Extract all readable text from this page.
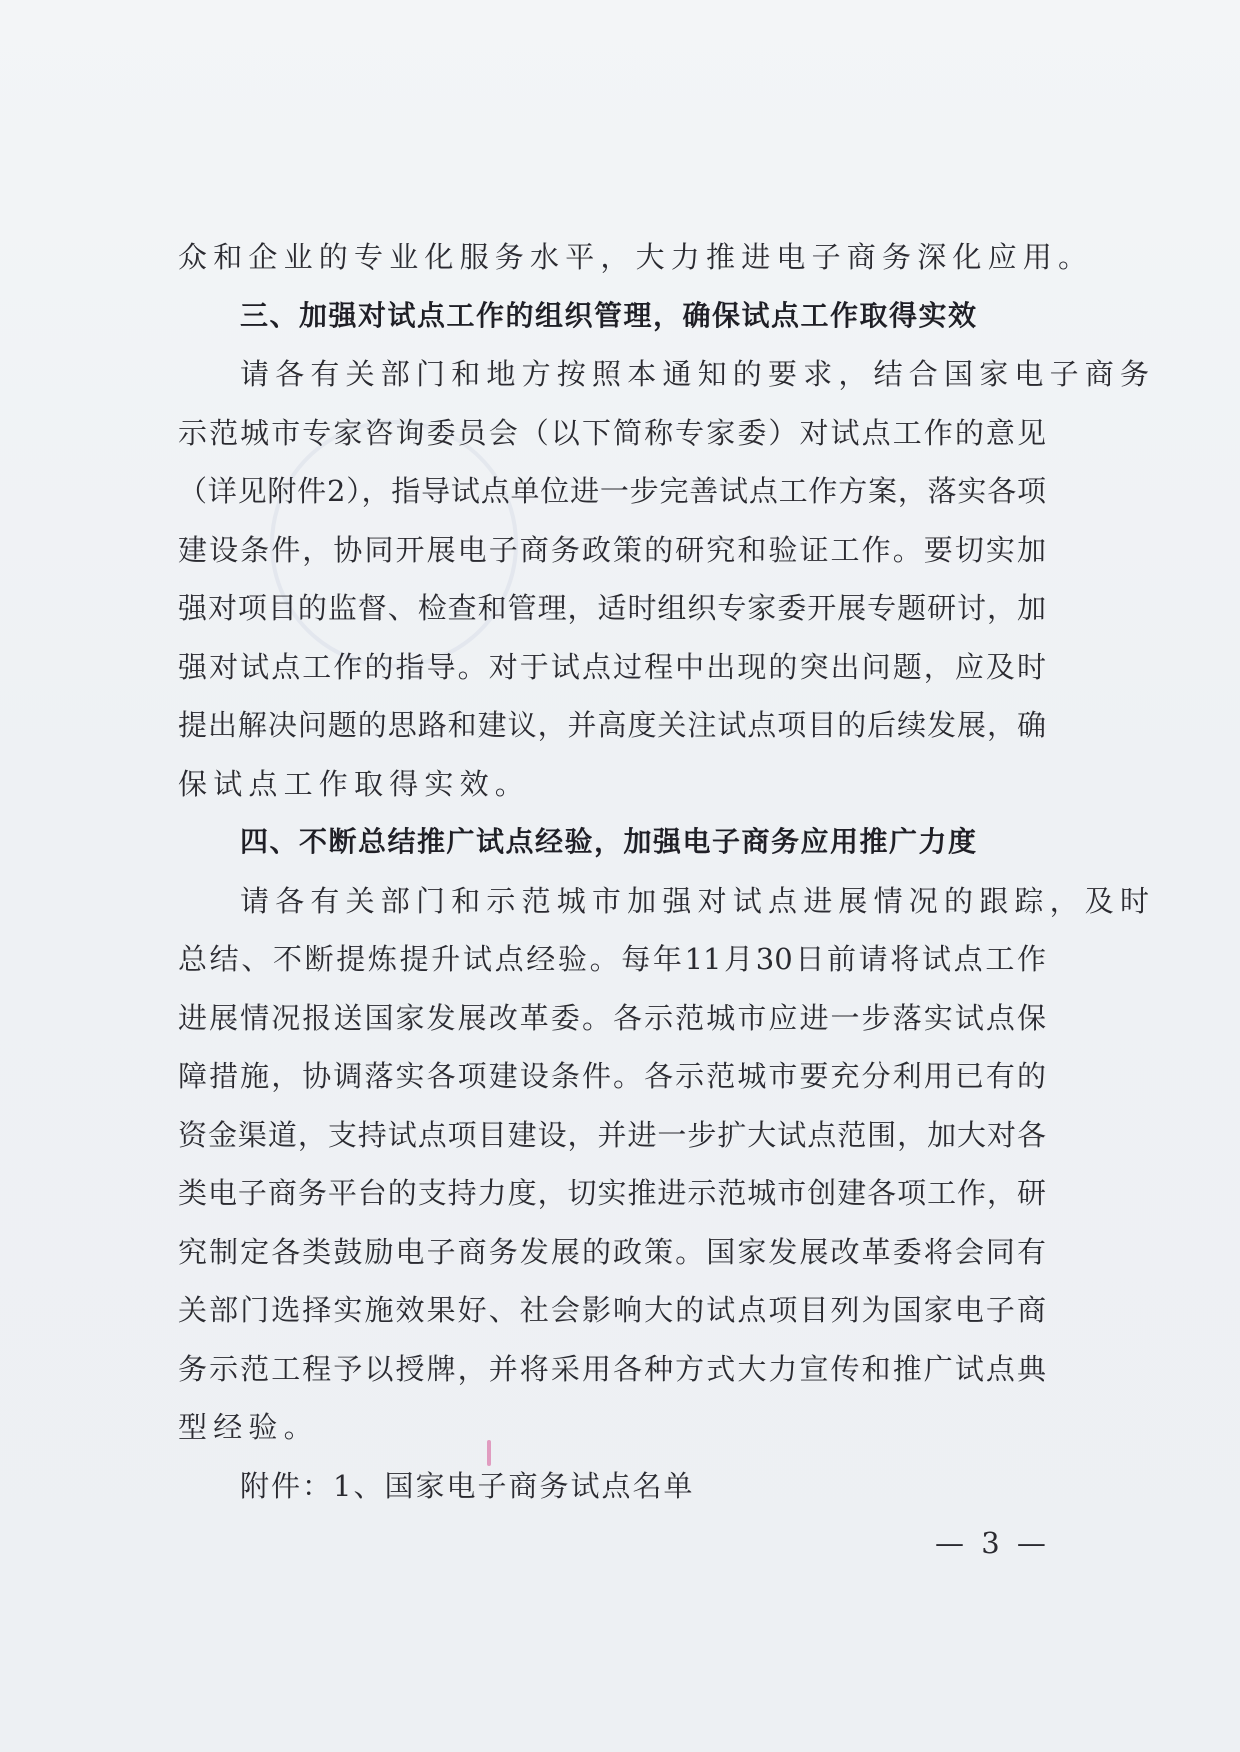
众和企业的专业化服务水平，大力推进电子商务深化应用。
三、加强对试点工作的组织管理，确保试点工作取得实效
请各有关部门和地方按照本通知的要求，结合国家电子商务
示范城市专家咨询委员会（以下简称专家委）对试点工作的意见
（详见附件2），指导试点单位进一步完善试点工作方案，落实各项
建设条件，协同开展电子商务政策的研究和验证工作。要切实加
强对项目的监督、检查和管理，适时组织专家委开展专题研讨，加
强对试点工作的指导。对于试点过程中出现的突出问题，应及时
提出解决问题的思路和建议，并高度关注试点项目的后续发展，确
保试点工作取得实效。
四、不断总结推广试点经验，加强电子商务应用推广力度
请各有关部门和示范城市加强对试点进展情况的跟踪，及时
总结、不断提炼提升试点经验。每年11月30日前请将试点工作
进展情况报送国家发展改革委。各示范城市应进一步落实试点保
障措施，协调落实各项建设条件。各示范城市要充分利用已有的
资金渠道，支持试点项目建设，并进一步扩大试点范围，加大对各
类电子商务平台的支持力度，切实推进示范城市创建各项工作，研
究制定各类鼓励电子商务发展的政策。国家发展改革委将会同有
关部门选择实施效果好、社会影响大的试点项目列为国家电子商
务示范工程予以授牌，并将采用各种方式大力宣传和推广试点典
型经验。
附件：1、国家电子商务试点名单
— 3 —
